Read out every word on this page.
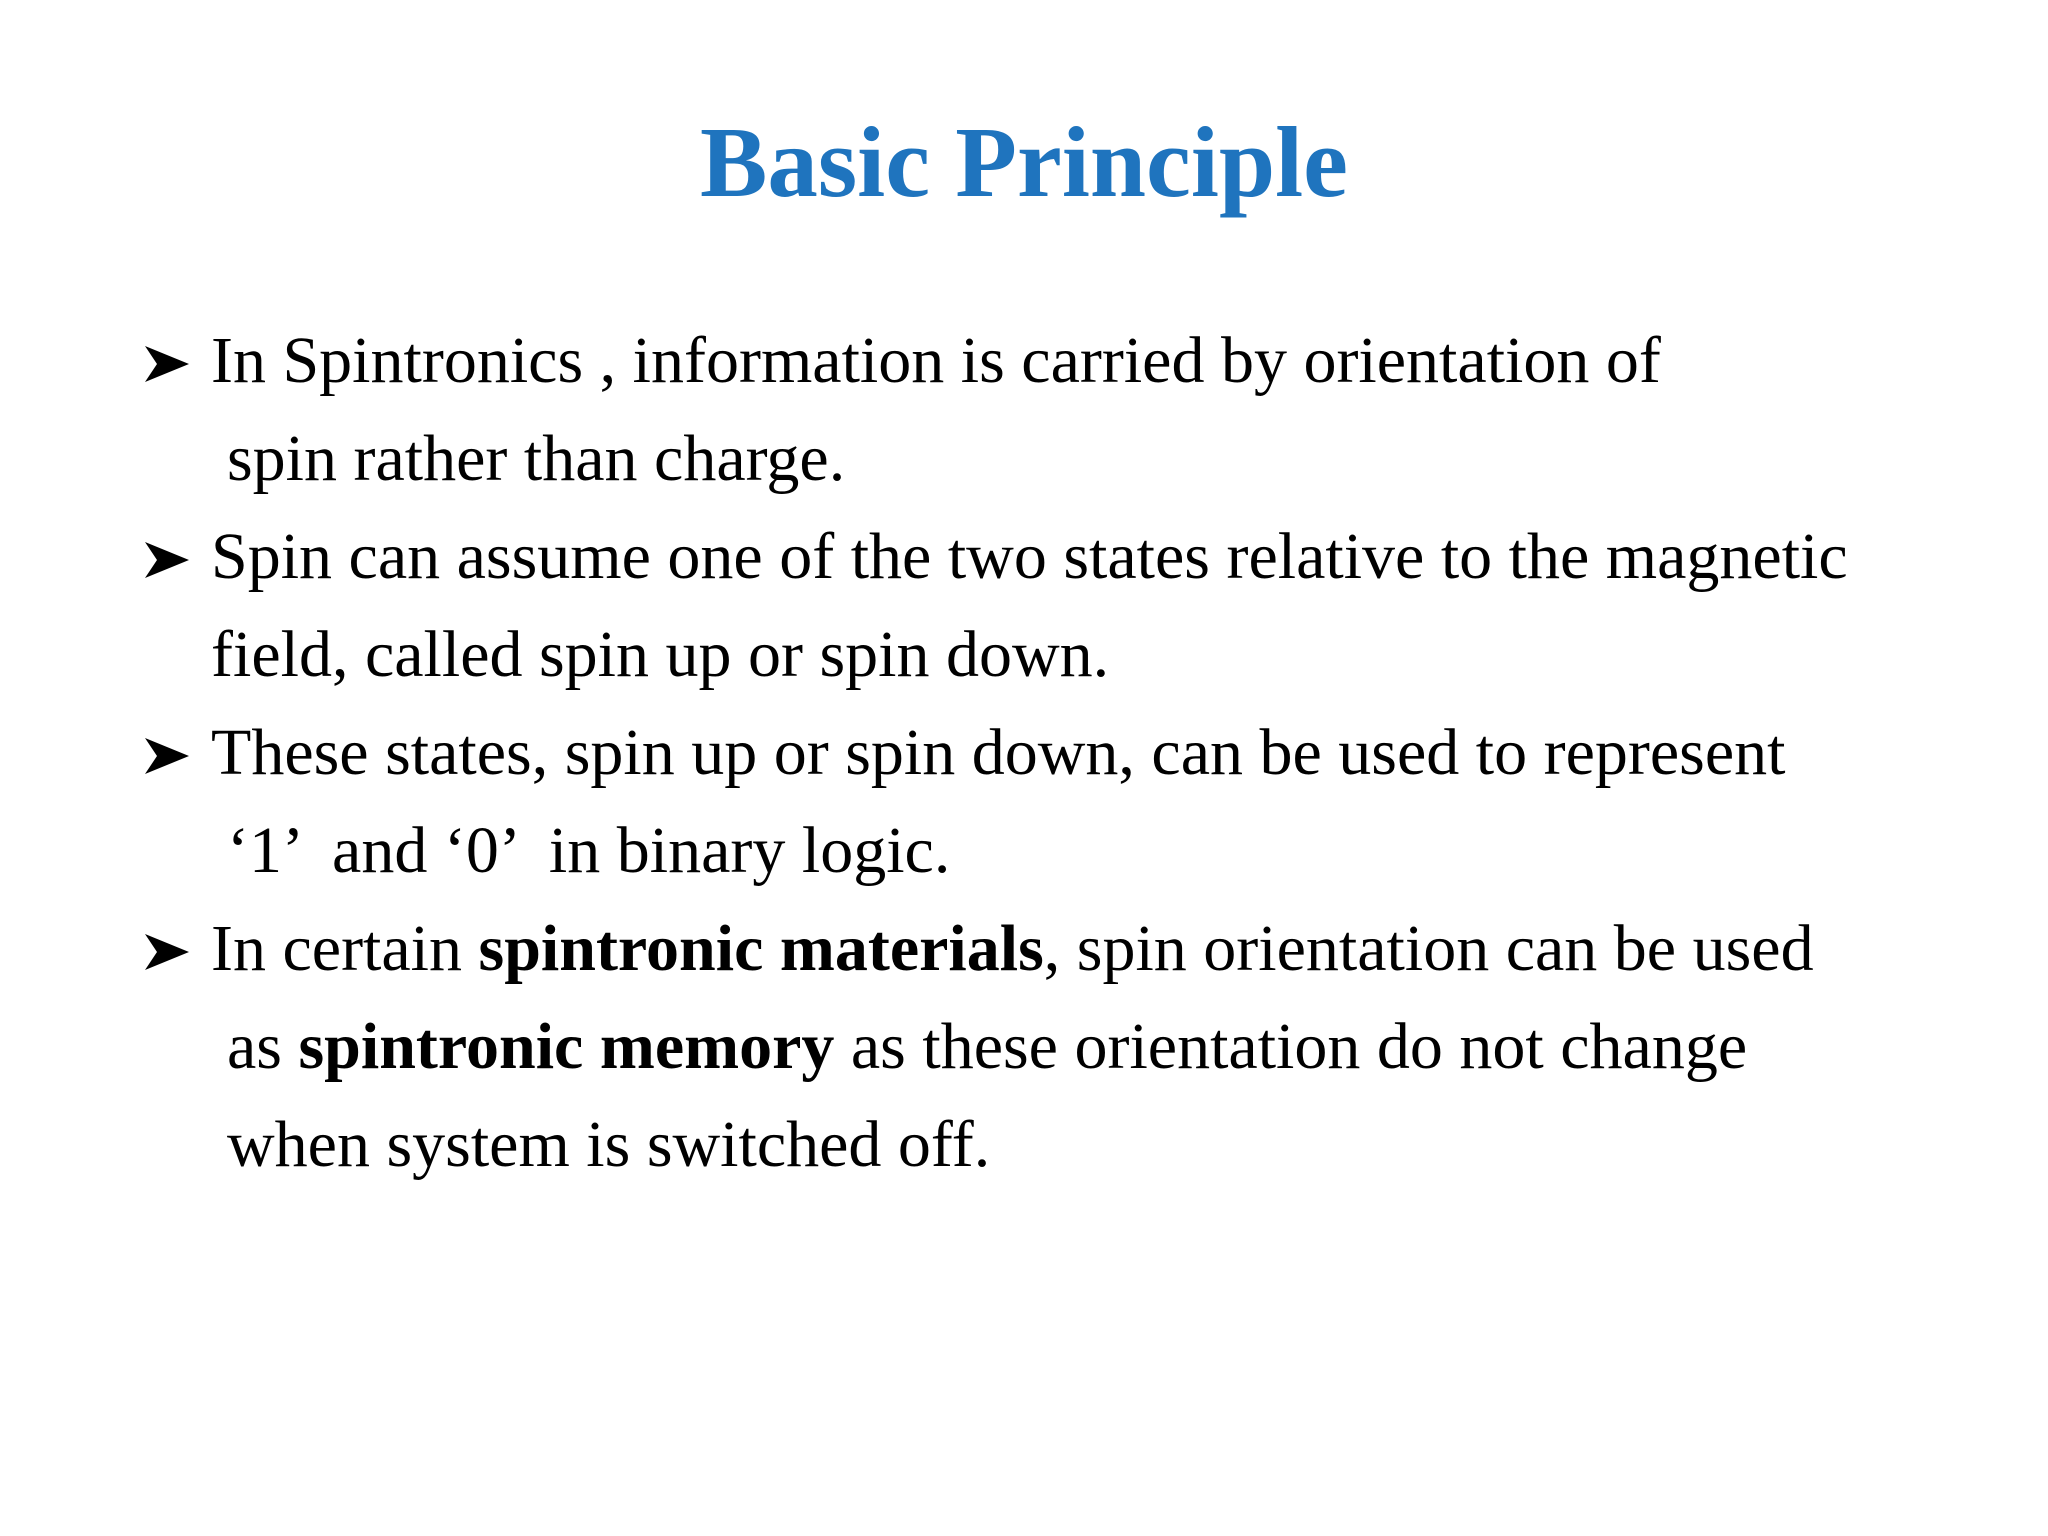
Basic Principle
In Spintronics , information is carried by orientation of
spin rather than charge.
Spin can assume one of the two states relative to the magnetic
field, called spin up or spin down.
These states, spin up or spin down, can be used to represent
‘1’  and ‘0’  in binary logic.
In certain spintronic materials, spin orientation can be used
as spintronic memory as these orientation do not change
when system is switched off.
